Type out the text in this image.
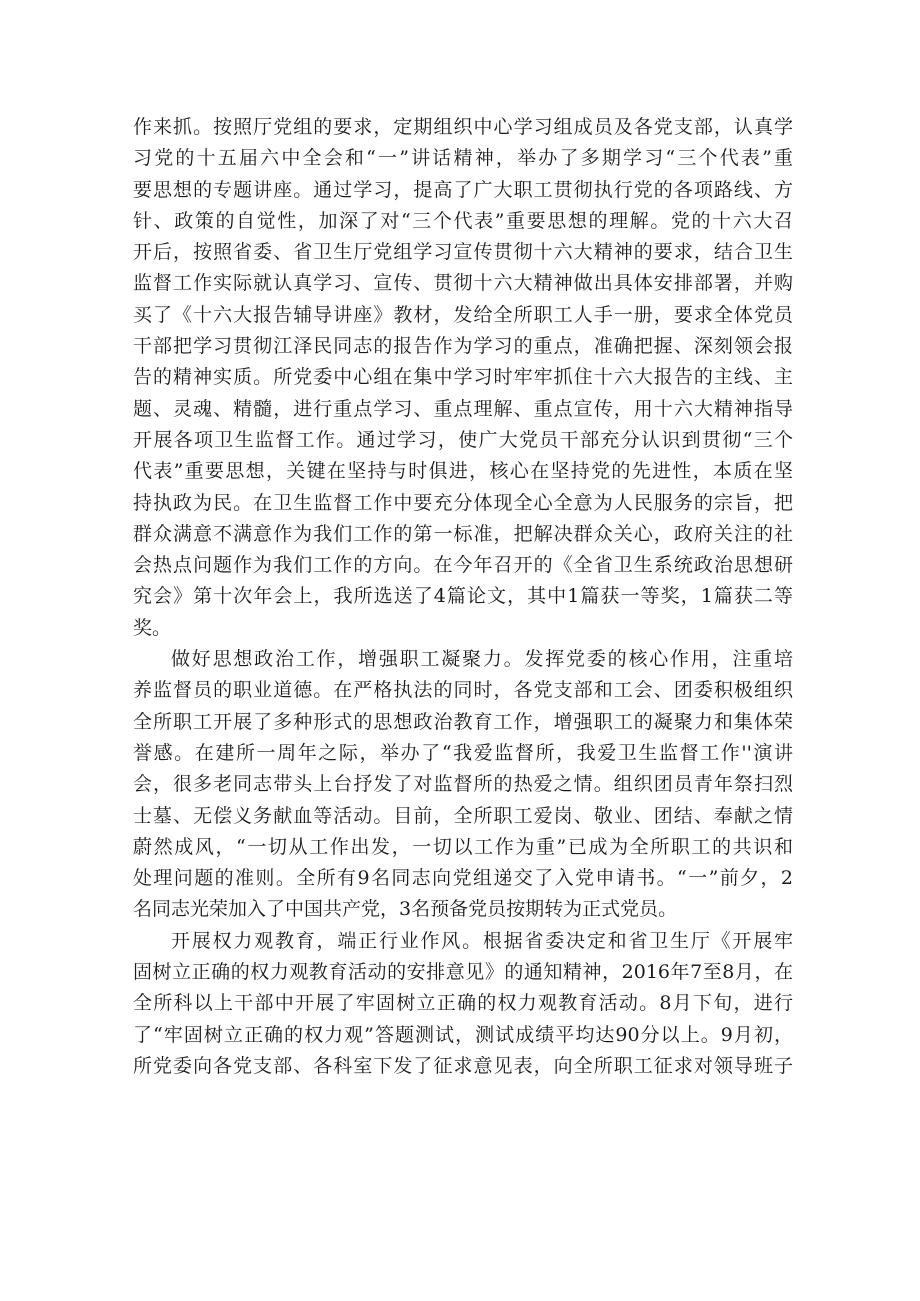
作来抓。按照厅党组的要求，定期组织中心学习组成员及各党支部，认真学
习党的十五届六中全会和“一”讲话精神，举办了多期学习“三个代表”重
要思想的专题讲座。通过学习，提高了广大职工贯彻执行党的各项路线、方
针、政策的自觉性，加深了对“三个代表”重要思想的理解。党的十六大召
开后，按照省委、省卫生厅党组学习宣传贯彻十六大精神的要求，结合卫生
监督工作实际就认真学习、宣传、贯彻十六大精神做出具体安排部署，并购
买了《十六大报告辅导讲座》教材，发给全所职工人手一册，要求全体党员
干部把学习贯彻江泽民同志的报告作为学习的重点，准确把握、深刻领会报
告的精神实质。所党委中心组在集中学习时牢牢抓住十六大报告的主线、主
题、灵魂、精髓，进行重点学习、重点理解、重点宣传，用十六大精神指导
开展各项卫生监督工作。通过学习，使广大党员干部充分认识到贯彻“三个
代表”重要思想，关键在坚持与时俱进，核心在坚持党的先进性，本质在坚
持执政为民。在卫生监督工作中要充分体现全心全意为人民服务的宗旨，把
群众满意不满意作为我们工作的第一标准，把解决群众关心，政府关注的社
会热点问题作为我们工作的方向。在今年召开的《全省卫生系统政治思想研
究会》第十次年会上，我所选送了4篇论文，其中1篇获一等奖，1篇获二等
奖。
做好思想政治工作，增强职工凝聚力。发挥党委的核心作用，注重培
养监督员的职业道德。在严格执法的同时，各党支部和工会、团委积极组织
全所职工开展了多种形式的思想政治教育工作，增强职工的凝聚力和集体荣
誉感。在建所一周年之际，举办了“我爱监督所，我爱卫生监督工作''演讲
会，很多老同志带头上台抒发了对监督所的热爱之情。组织团员青年祭扫烈
士墓、无偿义务献血等活动。目前，全所职工爱岗、敬业、团结、奉献之情
蔚然成风，“一切从工作出发，一切以工作为重”已成为全所职工的共识和
处理问题的准则。全所有9名同志向党组递交了入党申请书。“一”前夕，2
名同志光荣加入了中国共产党，3名预备党员按期转为正式党员。
开展权力观教育，端正行业作风。根据省委决定和省卫生厅《开展牢
固树立正确的权力观教育活动的安排意见》的通知精神，2016年7至8月，在
全所科以上干部中开展了牢固树立正确的权力观教育活动。8月下旬，进行
了“牢固树立正确的权力观”答题测试，测试成绩平均达90分以上。9月初，
所党委向各党支部、各科室下发了征求意见表，向全所职工征求对领导班子
